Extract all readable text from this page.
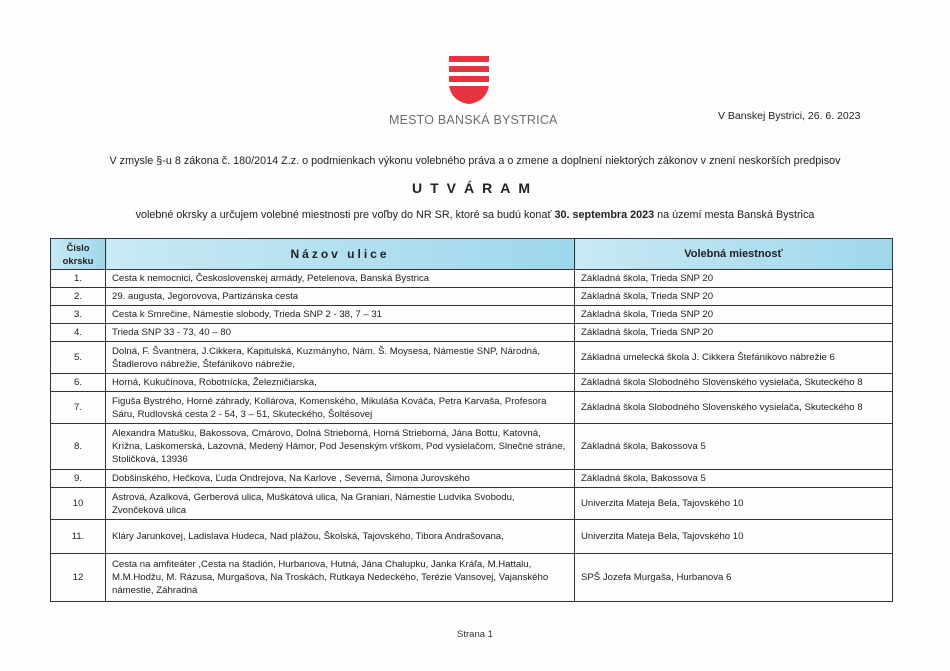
MESTO BANSKÁ BYSTRICA	V Banskej Bystrici, 26. 6. 2023
V zmysle §-u 8 zákona č. 180/2014 Z.z. o podmienkach výkonu volebného práva a o zmene a doplnení niektorých zákonov v znení neskorších predpisov
UTVÁRAM
volebné okrsky a určujem volebné miestnosti pre voľby do NR SR, ktoré sa budú konať 30. septembra 2023 na území mesta Banská Bystrica
Číslo okrsku	Názov ulice	Volebná miestnosť
1.	Cesta k nemocnici, Československej armády, Petelenova, Banská Bystrica	Základná škola, Trieda SNP 20
2.	29. augusta, Jegorovova, Partizánska cesta	Základná škola, Trieda SNP 20
3.	Cesta k Smrečine, Námestie slobody, Trieda SNP 2 - 38, 7 – 31	Základná škola, Trieda SNP 20
4.	Trieda SNP 33 - 73, 40 – 80	Základná škola, Trieda SNP 20
5.	Dolná, F. Švantnera, J.Cikkera, Kapitulská, Kuzmányho, Nám. Š. Moysesa, Námestie SNP, Národná, Štadlerovo nábrežie, Štefánikovo nábrežie,	Základná umelecká škola J. Cikkera Štefánikovo nábrežie 6
6.	Horná, Kukučínova, Robotnícka, Železničiarska,	Základná škola Slobodného Slovenského vysielača, Skuteckého 8
7.	Figuša Bystrého, Horné záhrady, Kollárova, Komenského, Mikuláša Kováča, Petra Karvaša, Profesora Sáru, Rudlovská cesta 2 - 54, 3 – 51, Skuteckého, Šoltésovej	Základná škola Slobodného Slovenského vysielača, Skuteckého 8
8.	Alexandra Matušku, Bakossova, Cmárovo, Dolná Strieborná, Horná Strieborná, Jána Bottu, Katovná, Krížna, Laskomerská, Lazovná, Medený Hámor, Pod Jesenským vŕškom, Pod vysielačom, Slnečné stráne, Stoličková, 13936	Základná škola, Bakossova 5
9.	Dobšinského, Hečkova, Ľuda Ondrejova, Na Karlove , Severná, Šimona Jurovského	Základná škola, Bakossova 5
10	Astrová, Azalková, Gerberová ulica, Muškátová ulica, Na Graniari, Námestie Ludvika Svobodu, Zvončeková ulica	Univerzita Mateja Bela, Tajovského 10
11.	Kláry Jarunkovej, Ladislava Hudeca, Nad plážou, Školská, Tajovského, Tibora Andrašovana,	Univerzita Mateja Bela, Tajovského 10
12	Cesta na amfiteáter ,Cesta na štadión, Hurbanova, Hutná, Jána Chalupku, Janka Kráľa, M.Hattalu, M.M.Hodžu, M. Rázusa, Murgašova, Na Troskách, Rutkaya Nedeckého, Terézie Vansovej, Vajanského námestie, Záhradná	SPŠ Jozefa Murgaša, Hurbanova 6
Strana 1
